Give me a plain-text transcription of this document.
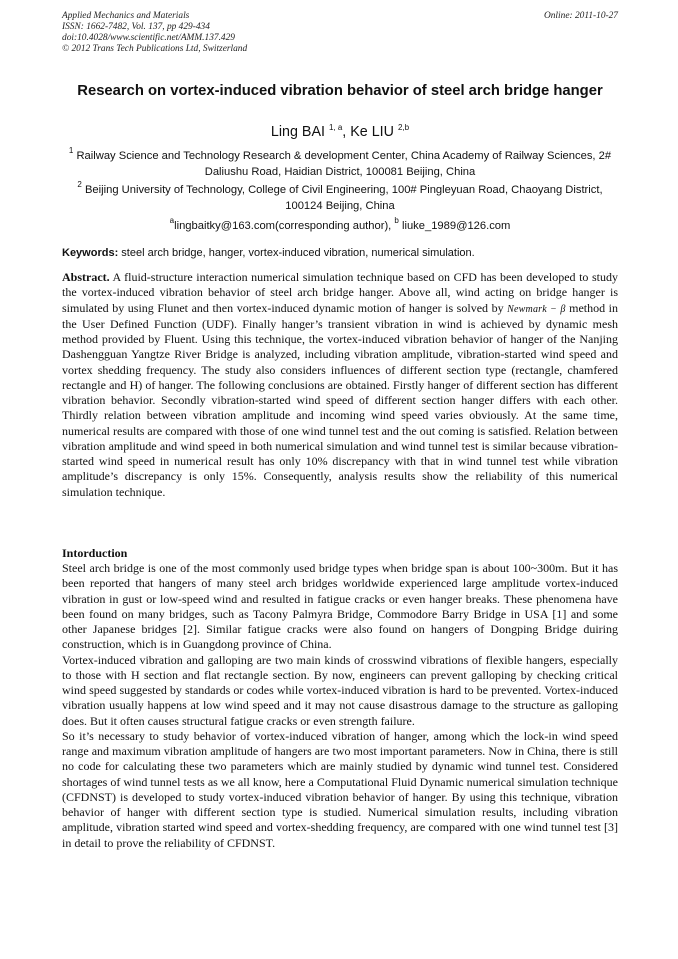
Applied Mechanics and Materials
ISSN: 1662-7482, Vol. 137, pp 429-434
doi:10.4028/www.scientific.net/AMM.137.429
© 2012 Trans Tech Publications Ltd, Switzerland
Online: 2011-10-27
Research on vortex-induced vibration behavior of steel arch bridge hanger
Ling BAI $^{1, a}$, Ke LIU $^{2,b}$
$^1$ Railway Science and Technology Research & development Center, China Academy of Railway Sciences, 2# Daliushu Road, Haidian District, 100081 Beijing, China
$^2$ Beijing University of Technology, College of Civil Engineering, 100# Pingleyuan Road, Chaoyang District, 100124 Beijing, China
$^a$lingbaitky@163.com(corresponding author), $^b$ liuke_1989@126.com
Keywords: steel arch bridge, hanger, vortex-induced vibration, numerical simulation.

Abstract. A fluid-structure interaction numerical simulation technique based on CFD has been developed to study the vortex-induced vibration behavior of steel arch bridge hanger. Above all, wind acting on bridge hanger is simulated by using Flunet and then vortex-induced dynamic motion of hanger is solved by Newmark − β method in the User Defined Function (UDF). Finally hanger’s transient vibration in wind is achieved by dynamic mesh method provided by Fluent. Using this technique, the vortex-induced vibration behavior of hanger of the Nanjing Dashengguan Yangtze River Bridge is analyzed, including vibration amplitude, vibration-started wind speed and vortex shedding frequency. The study also considers influences of different section type (rectangle, chamfered rectangle and H) of hanger. The following conclusions are obtained. Firstly hanger of different section has different vibration behavior. Secondly vibration-started wind speed of different section hanger differs with each other. Thirdly relation between vibration amplitude and incoming wind speed varies obviously. At the same time, numerical results are compared with those of one wind tunnel test and the out coming is satisfied. Relation between vibration amplitude and wind speed in both numerical simulation and wind tunnel test is similar because vibration-started wind speed in numerical result has only 10% discrepancy with that in wind tunnel test while vibration amplitude’s discrepancy is only 15%. Consequently, analysis results show the reliability of this numerical simulation technique.

Intorduction

Steel arch bridge is one of the most commonly used bridge types when bridge span is about 100~300m. But it has been reported that hangers of many steel arch bridges worldwide experienced large amplitude vortex-induced vibration in gust or low-speed wind and resulted in fatigue cracks or even hanger breaks. These phenomena have been found on many bridges, such as Tacony Palmyra Bridge, Commodore Barry Bridge in USA [1] and some other Japanese bridges [2]. Similar fatigue cracks were also found on hangers of Dongping Bridge duiring construction, which is in Guangdong province of China.

Vortex-induced vibration and galloping are two main kinds of crosswind vibrations of flexible hangers, especially to those with H section and flat rectangle section. By now, engineers can prevent galloping by checking critical wind speed suggested by standards or codes while vortex-induced vibration is hard to be prevented. Vortex-induced vibration usually happens at low wind speed and it may not cause disastrous damage to the structure as galloping does. But it often causes structural fatigue cracks or even strength failure.

So it’s necessary to study behavior of vortex-induced vibration of hanger, among which the lock-in wind speed range and maximum vibration amplitude of hangers are two most important parameters. Now in China, there is still no code for calculating these two parameters which are mainly studied by dynamic wind tunnel test. Considered shortages of wind tunnel tests as we all know, here a Computational Fluid Dynamic numerical simulation technique (CFDNST) is developed to study vortex-induced vibration behavior of hanger. By using this technique, vibration behavior of hanger with different section type is studied. Numerical simulation results, including vibration amplitude, vibration started wind speed and vortex-shedding frequency, are compared with one wind tunnel test [3] in detail to prove the reliability of CFDNST.
